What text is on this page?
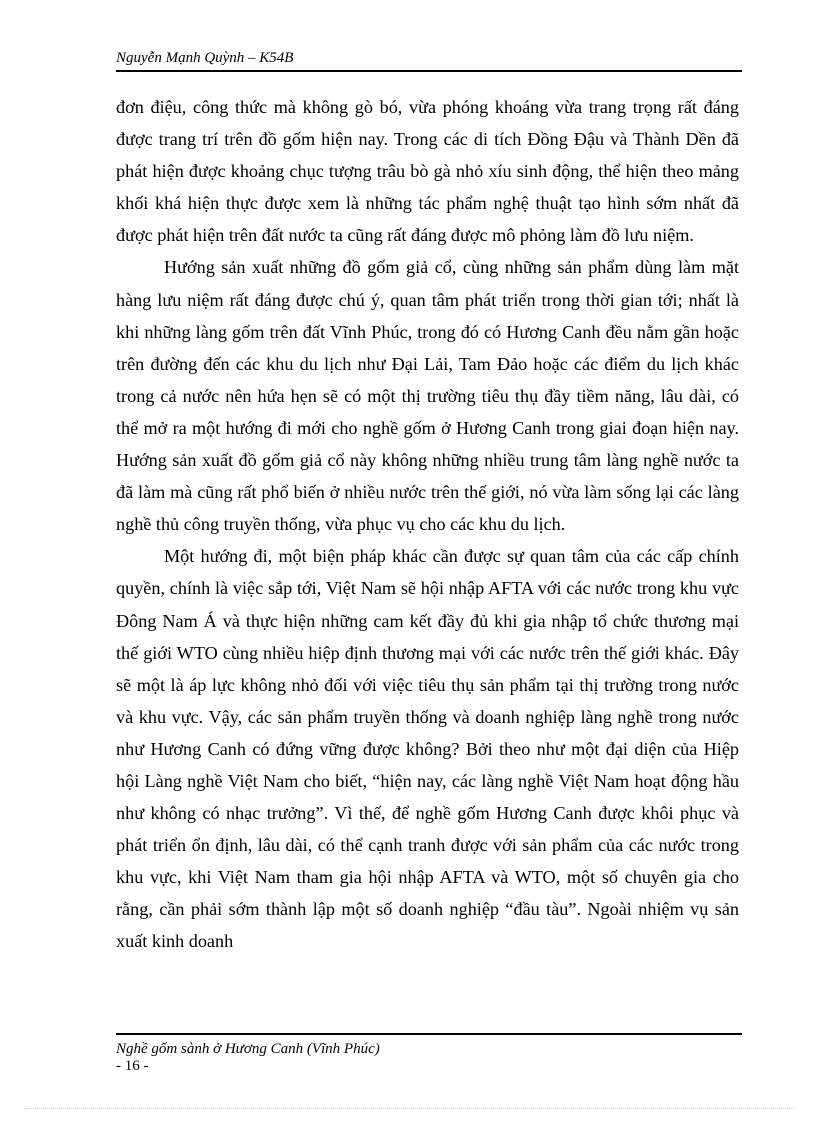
Nguyễn Mạnh Quỳnh – K54B

đơn điệu, công thức mà không gò bó, vừa phóng khoáng vừa trang trọng rất đáng được trang trí trên đồ gốm hiện nay. Trong các di tích Đồng Đậu và Thành Dền đã phát hiện được khoảng chục tượng trâu bò gà nhỏ xíu sinh động, thể hiện theo mảng khối khá hiện thực được xem là những tác phẩm nghệ thuật tạo hình sớm nhất đã được phát hiện trên đất nước ta cũng rất đáng được mô phỏng làm đồ lưu niệm.

Hướng sản xuất những đồ gốm giả cổ, cùng những sản phẩm dùng làm mặt hàng lưu niệm rất đáng được chú ý, quan tâm phát triển trong thời gian tới; nhất là khi những làng gốm trên đất Vĩnh Phúc, trong đó có Hương Canh đều nằm gần hoặc trên đường đến các khu du lịch như Đại Lải, Tam Đảo hoặc các điểm du lịch khác trong cả nước nên hứa hẹn sẽ có một thị trường tiêu thụ đầy tiềm năng, lâu dài, có thể mở ra một hướng đi mới cho nghề gốm ở Hương Canh trong giai đoạn hiện nay. Hướng sản xuất đồ gốm giả cổ này không những nhiều trung tâm làng nghề nước ta đã làm mà cũng rất phổ biến ở nhiều nước trên thế giới, nó vừa làm sống lại các làng nghề thủ công truyền thống, vừa phục vụ cho các khu du lịch.

Một hướng đi, một biện pháp khác cần được sự quan tâm của các cấp chính quyền, chính là việc sắp tới, Việt Nam sẽ hội nhập AFTA với các nước trong khu vực Đông Nam Á và thực hiện những cam kết đầy đủ khi gia nhập tổ chức thương mại thế giới WTO cùng nhiều hiệp định thương mại với các nước trên thế giới khác. Đây sẽ một là áp lực không nhỏ đối với việc tiêu thụ sản phẩm tại thị trường trong nước và khu vực. Vậy, các sản phẩm truyền thống và doanh nghiệp làng nghề trong nước như Hương Canh có đứng vững được không? Bởi theo như một đại diện của Hiệp hội Làng nghề Việt Nam cho biết, “hiện nay, các làng nghề Việt Nam hoạt động hầu như không có nhạc trưởng”. Vì thế, để nghề gốm Hương Canh được khôi phục và phát triển ổn định, lâu dài, có thể cạnh tranh được với sản phẩm của các nước trong khu vực, khi Việt Nam tham gia hội nhập AFTA và WTO, một số chuyên gia cho rằng, cần phải sớm thành lập một số doanh nghiệp “đầu tàu”. Ngoài nhiệm vụ sản xuất kinh doanh

Nghề gốm sành ở Hương Canh (Vĩnh Phúc)
- 16 -
